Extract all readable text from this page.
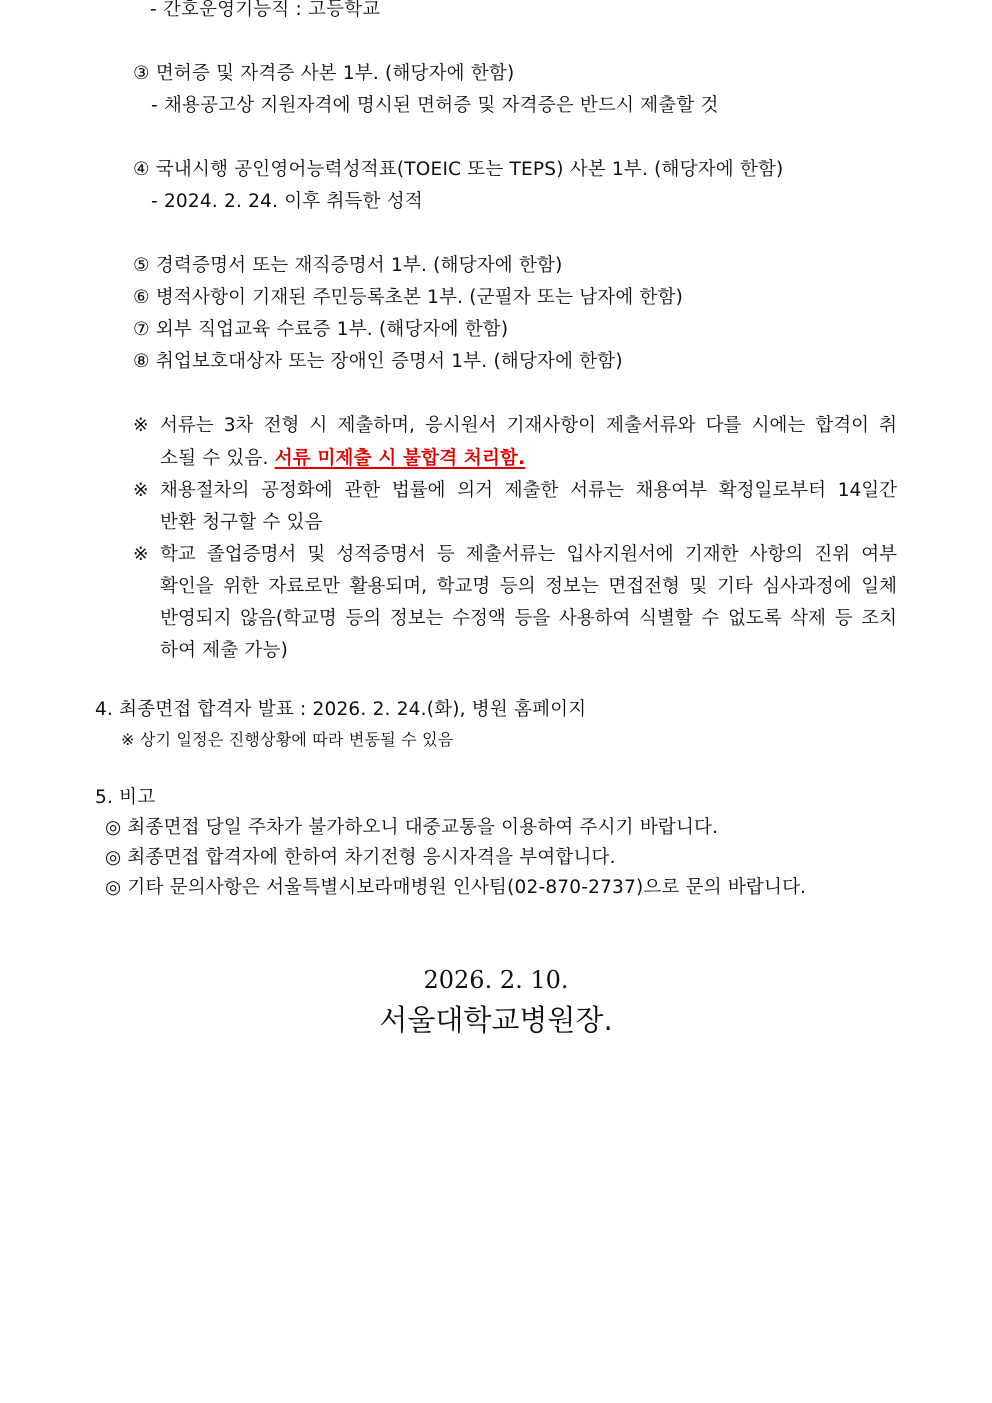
- 간호운영기능직 : 고등학교
③ 면허증 및 자격증 사본 1부. (해당자에 한함)
- 채용공고상 지원자격에 명시된 면허증 및 자격증은 반드시 제출할 것
④ 국내시행 공인영어능력성적표(TOEIC 또는 TEPS) 사본 1부. (해당자에 한함)
- 2024. 2. 24. 이후 취득한 성적
⑤ 경력증명서 또는 재직증명서 1부. (해당자에 한함)
⑥ 병적사항이 기재된 주민등록초본 1부. (군필자 또는 남자에 한함)
⑦ 외부 직업교육 수료증 1부. (해당자에 한함)
⑧ 취업보호대상자 또는 장애인 증명서 1부. (해당자에 한함)
※ 서류는 3차 전형 시 제출하며, 응시원서 기재사항이 제출서류와 다를 시에는 합격이 취
소될 수 있음. 서류 미제출 시 불합격 처리함.
※ 채용절차의 공정화에 관한 법률에 의거 제출한 서류는 채용여부 확정일로부터 14일간
반환 청구할 수 있음
※ 학교 졸업증명서 및 성적증명서 등 제출서류는 입사지원서에 기재한 사항의 진위 여부
확인을 위한 자료로만 활용되며, 학교명 등의 정보는 면접전형 및 기타 심사과정에 일체
반영되지 않음(학교명 등의 정보는 수정액 등을 사용하여 식별할 수 없도록 삭제 등 조치
하여 제출 가능)
4. 최종면접 합격자 발표 : 2026. 2. 24.(화), 병원 홈페이지
※ 상기 일정은 진행상황에 따라 변동될 수 있음
5. 비고
◎ 최종면접 당일 주차가 불가하오니 대중교통을 이용하여 주시기 바랍니다.
◎ 최종면접 합격자에 한하여 차기전형 응시자격을 부여합니다.
◎ 기타 문의사항은 서울특별시보라매병원 인사팀(02-870-2737)으로 문의 바랍니다.
2026. 2. 10.
서울대학교병원장.
